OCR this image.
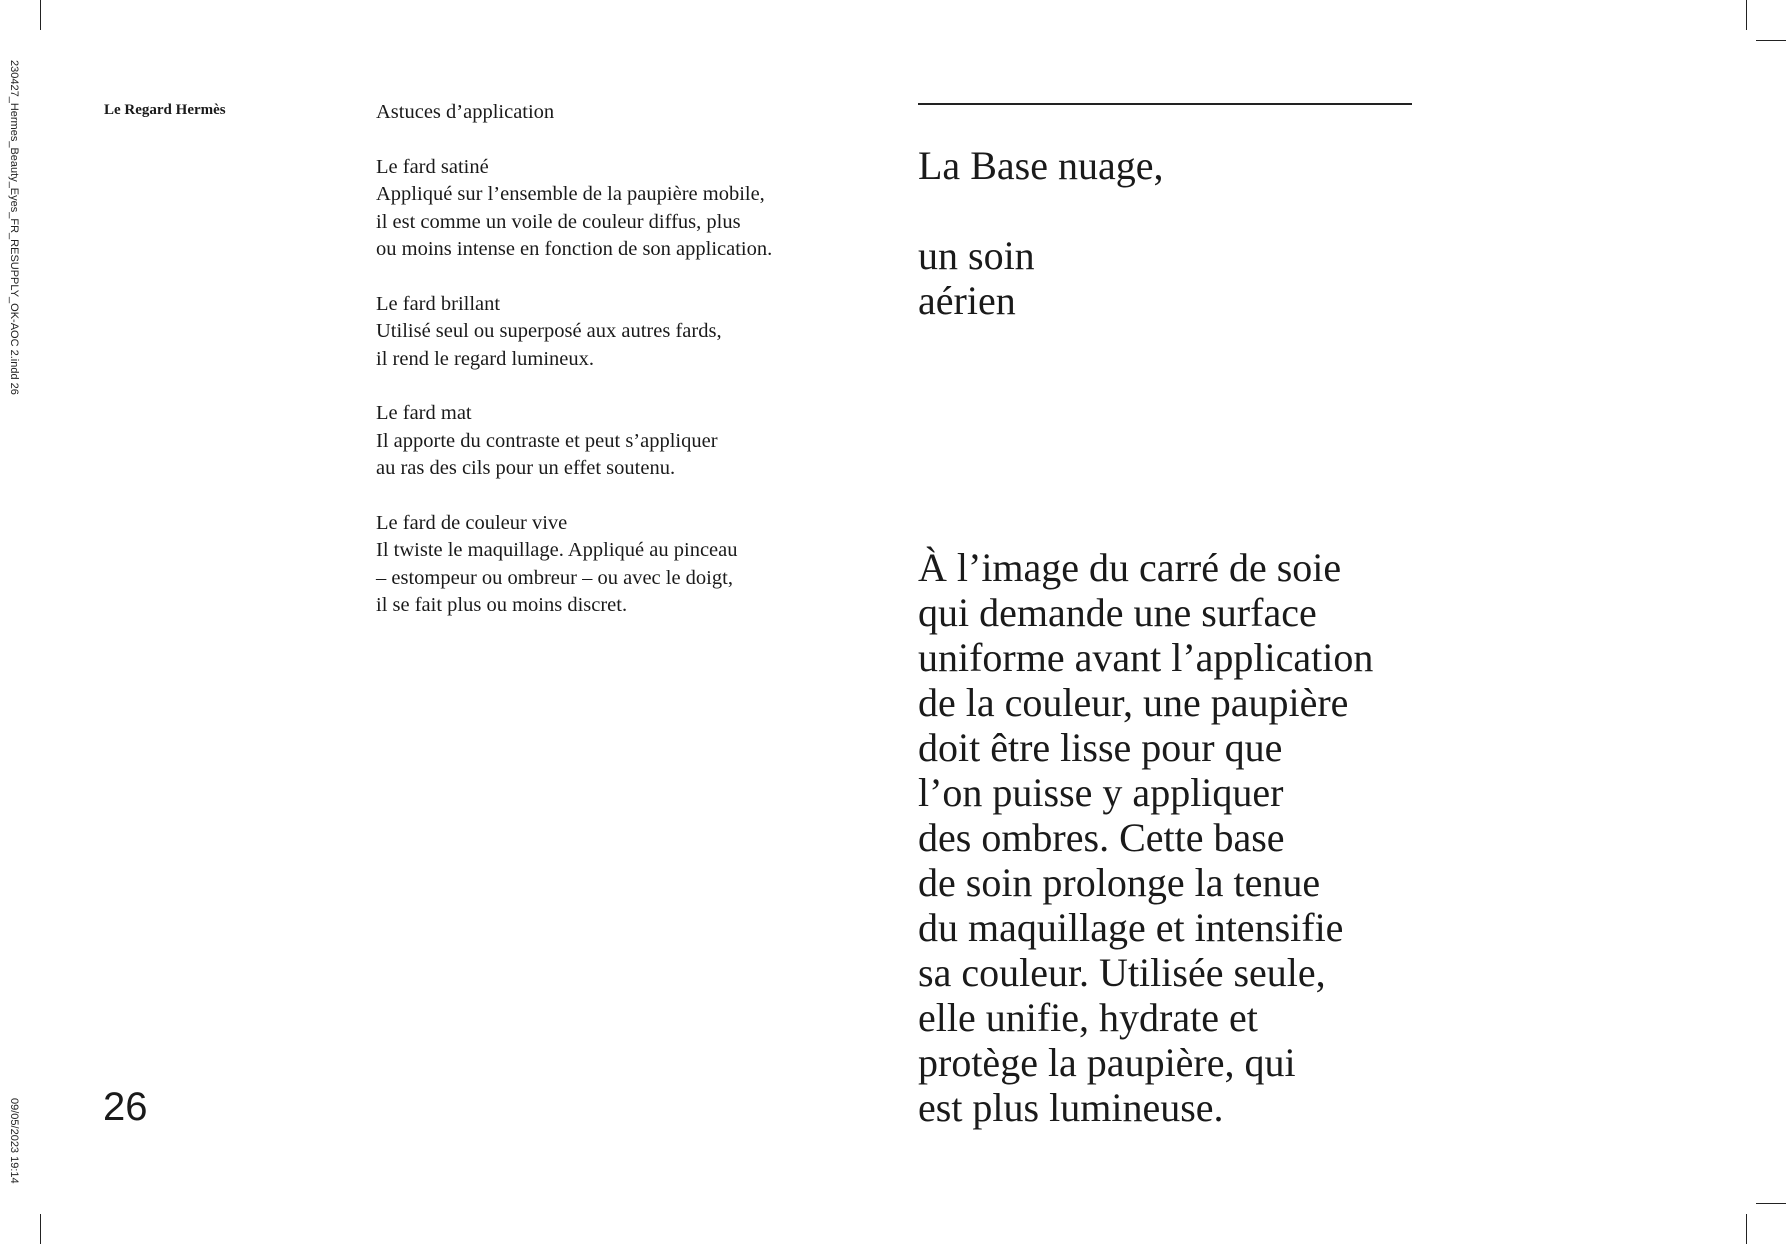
230427_Hermes_Beauty_Eyes_FR_RESUPPLY_OK-AOC 2.indd 26
09/05/2023 19:14
Le Regard Hermès	Astuces d’application
Le fard satiné
Appliqué sur l’ensemble de la paupière mobile,
il est comme un voile de couleur diffus, plus
ou moins intense en fonction de son application.
Le fard brillant
Utilisé seul ou superposé aux autres fards,
il rend le regard lumineux.
Le fard mat
Il apporte du contraste et peut s’appliquer
au ras des cils pour un effet soutenu.
Le fard de couleur vive
Il twiste le maquillage. Appliqué au pinceau
– estompeur ou ombreur – ou avec le doigt,
il se fait plus ou moins discret.
La Base nuage,
un soin
aérien
À l’image du carré de soie
qui demande une surface
uniforme avant l’application
de la couleur, une paupière
doit être lisse pour que
l’on puisse y appliquer
des ombres. Cette base
de soin prolonge la tenue
du maquillage et intensifie
sa couleur. Utilisée seule,
elle unifie, hydrate et
protège la paupière, qui
est plus lumineuse.
26
